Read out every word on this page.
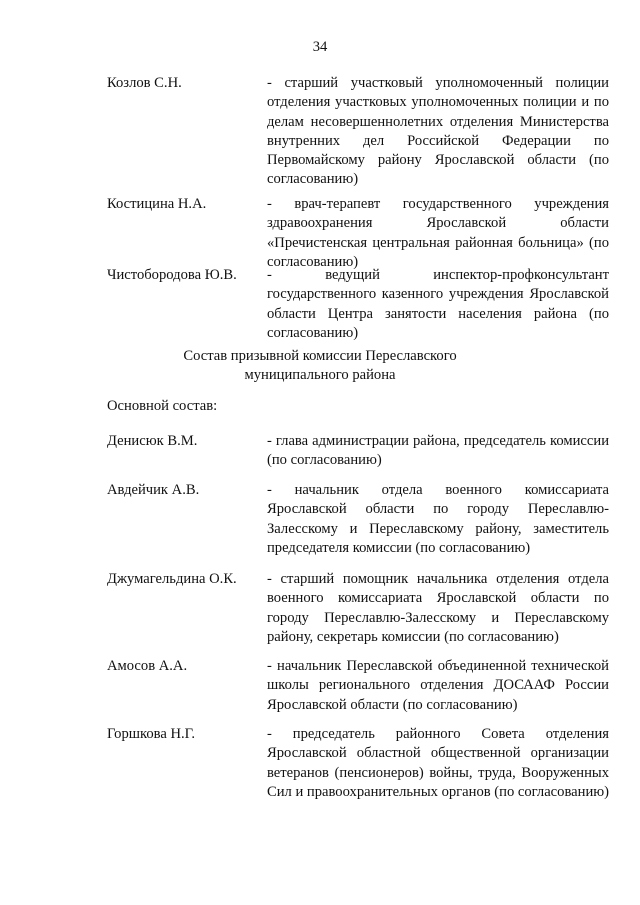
34
Козлов С.Н.	- старший участковый уполномоченный полиции отделения участковых уполномоченных полиции и по делам несовершеннолетних отделения Министерства внутренних дел Российской Федерации по Первомайскому району Ярославской области (по согласованию)
Костицина Н.А.	- врач-терапевт государственного учреждения здравоохранения Ярославской области «Пречистенская центральная районная больница» (по согласованию)
Чистобородова Ю.В.	- ведущий инспектор-профконсультант государственного казенного учреждения Ярославской области Центра занятости населения района (по согласованию)
Состав призывной комиссии Переславского
муниципального района
Основной состав:
Денисюк В.М.	- глава администрации района, председатель комиссии (по согласованию)
Авдейчик А.В.	- начальник отдела военного комиссариата Ярославской области по городу Переславлю-Залесскому и Переславскому району, заместитель председателя комиссии (по согласованию)
Джумагельдина О.К.	- старший помощник начальника отделения отдела военного комиссариата Ярославской области по городу Переславлю-Залесскому и Переславскому району, секретарь комиссии (по согласованию)
Амосов А.А.	- начальник Переславской объединенной технической школы регионального отделения ДОСААФ России Ярославской области (по согласованию)
Горшкова Н.Г.	- председатель районного Совета отделения Ярославской областной общественной организации ветеранов (пенсионеров) войны, труда, Вооруженных Сил и правоохранительных органов (по согласованию)
